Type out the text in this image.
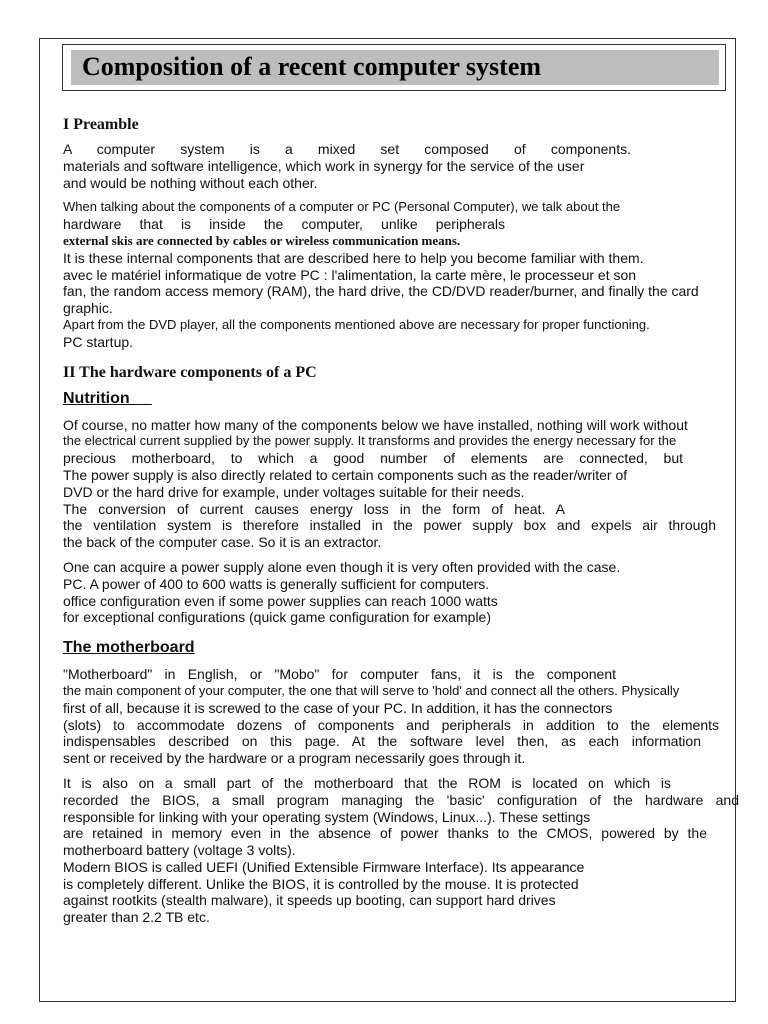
Composition of a recent computer system
I Preamble

A computer system is a mixed set composed of components.
materials and software intelligence, which work in synergy for the service of the user
and would be nothing without each other.

When talking about the components of a computer or PC (Personal Computer), we talk about the
hardware that is inside the computer, unlike peripherals
external skis are connected by cables or wireless communication means.
It is these internal components that are described here to help you become familiar with them.
avec le matériel informatique de votre PC : l'alimentation, la carte mère, le processeur et son
fan, the random access memory (RAM), the hard drive, the CD/DVD reader/burner, and finally the card
graphic.
Apart from the DVD player, all the components mentioned above are necessary for proper functioning.
PC startup.

II The hardware components of a PC
Nutrition

Of course, no matter how many of the components below we have installed, nothing will work without
the electrical current supplied by the power supply. It transforms and provides the energy necessary for the
precious motherboard, to which a good number of elements are connected, but
The power supply is also directly related to certain components such as the reader/writer of
DVD or the hard drive for example, under voltages suitable for their needs.
The conversion of current causes energy loss in the form of heat. A
the ventilation system is therefore installed in the power supply box and expels air through
the back of the computer case. So it is an extractor.

One can acquire a power supply alone even though it is very often provided with the case.
PC. A power of 400 to 600 watts is generally sufficient for computers.
office configuration even if some power supplies can reach 1000 watts
for exceptional configurations (quick game configuration for example)

The motherboard

"Motherboard" in English, or "Mobo" for computer fans, it is the component
the main component of your computer, the one that will serve to 'hold' and connect all the others. Physically
first of all, because it is screwed to the case of your PC. In addition, it has the connectors
(slots) to accommodate dozens of components and peripherals in addition to the elements
indispensables described on this page. At the software level then, as each information
sent or received by the hardware or a program necessarily goes through it.

It is also on a small part of the motherboard that the ROM is located on which is
recorded the BIOS, a small program managing the 'basic' configuration of the hardware and
responsible for linking with your operating system (Windows, Linux...). These settings
are retained in memory even in the absence of power thanks to the CMOS, powered by the
motherboard battery (voltage 3 volts).
Modern BIOS is called UEFI (Unified Extensible Firmware Interface). Its appearance
is completely different. Unlike the BIOS, it is controlled by the mouse. It is protected
against rootkits (stealth malware), it speeds up booting, can support hard drives
greater than 2.2 TB etc.
